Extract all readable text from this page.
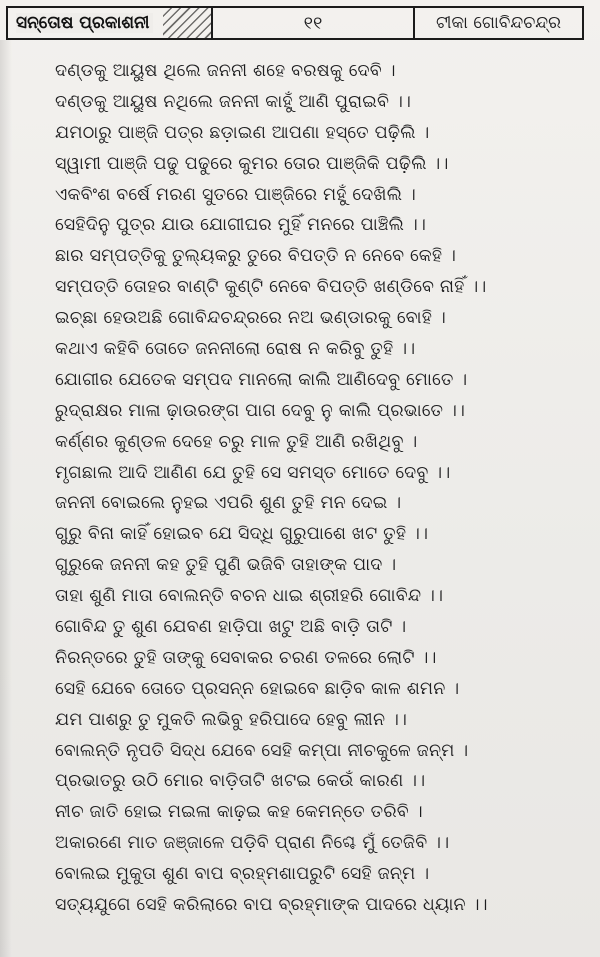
ସନ୍ତୋଷ ପ୍ରକାଶନୀ	୧୧	ଟୀକା ଗୋବିନ୍ଦଚନ୍ଦ୍ର
ଦଣ୍ଡକୁ ଆୟୁଷ ଥିଲେ ଜନନୀ ଶହେ ବରଷକୁ ଦେବି ।
ଦଣ୍ଡକୁ ଆୟୁଷ ନଥିଲେ ଜନନୀ କାହୁଁ ଆଣି ପୁରାଇବି ।।
ଯମଠାରୁ ପାଞ୍ଜି ପତ୍ର ଛଡ଼ାଇଣ ଆପଣା ହସ୍ତେ ପଢ଼ିଲି ।
ସ୍ୱାମୀ ପାଞ୍ଜି ପଢୁ ପଢୁରେ କୁମର ତୋର ପାଞ୍ଜିକି ପଢ଼ିଲି ।।
ଏକବିଂଶ ବର୍ଷେ ମରଣ ସୁତରେ ପାଞ୍ଜିରେ ମହୁଁ ଦେଖିଲି ।
ସେହିଦିନୁ ପୁତ୍ର ଯାଉ ଯୋଗୀଘର ମୁହିଁ ମନରେ ପାଞ୍ଚିଲି ।।
ଛାର ସମ୍ପତ୍ତିକୁ ତୁଲ୍ୟକରୁ ତୁରେ ବିପତ୍ତି ନ ନେବେ କେହି ।
ସମ୍ପତ୍ତି ତୋହର ବାଣ୍ଟି କୁଣ୍ଟି ନେବେ ବିପତ୍ତି ଖଣ୍ଡିବେ ନାହିଁ ।।
ଇଚ୍ଛା ହେଉଅଛି ଗୋବିନ୍ଦଚନ୍ଦ୍ରରେ ନଅ ଭଣ୍ଡାରକୁ ବୋହି ।
କଥାଏ କହିବି ତୋତେ ଜନନୀଲୋ ରୋଷ ନ କରିବୁ ତୁହି ।।
ଯୋଗୀର ଯେତେକ ସମ୍ପଦ ମାନଲୋ କାଲି ଆଣିଦେବୁ ମୋତେ ।
ରୁଦ୍ରାକ୍ଷର ମାଳା ଢ଼ାଉରଙ୍ଗ ପାଗ ଦେବୁ ନୁ କାଲି ପ୍ରଭାତେ ।।
କର୍ଣ୍ଣର କୁଣ୍ଡଳ ଦେହେ ଚରୁ ମାଳ ତୁହି ଆଣି ରଖିଥିବୁ ।
ମୃଗଛାଲ ଆଦି ଆଣିଣ ଯେ ତୁହି ସେ ସମସ୍ତ ମୋତେ ଦେବୁ ।।
ଜନନୀ ବୋଇଲେ ନୁହଇ ଏପରି ଶୁଣ ତୁହି ମନ ଦେଇ ।
ଗୁରୁ ବିନା କାହିଁ ହୋଇବ ଯେ ସିଦ୍ଧି ଗୁରୁପାଶେ ଖଟ ତୁହି ।।
ଗୁରୁକେ ଜନନୀ କହ ତୁହି ପୁଣି ଭଜିବି ତାହାଙ୍କ ପାଦ ।
ତାହା ଶୁଣି ମାତା ବୋଲନ୍ତି ବଚନ ଧାଇ ଶ୍ରୀହରି ଗୋବିନ୍ଦ ।।
ଗୋବିନ୍ଦ ତୁ ଶୁଣ ଯେବଣ ହାଡ଼ିପା ଖଟୁ ଅଛି ବାଡ଼ି ତାଟି ।
ନିରନ୍ତରେ ତୁହି ତାଙ୍କୁ ସେବାକର ଚରଣ ତଳରେ ଲୋଟି ।।
ସେହି ଯେବେ ତୋତେ ପ୍ରସନ୍ନ ହୋଇବେ ଛାଡ଼ିବ କାଳ ଶମନ ।
ଯମ ପାଶରୁ ତୁ ମୁକତି ଲଭିବୁ ହରିପାଦେ ହେବୁ ଲୀନ ।।
ବୋଲନ୍ତି ନୃପତି ସିଦ୍ଧ ଯେବେ ସେହି କମ୍ପା ନୀଚକୁଳେ ଜନ୍ମ ।
ପ୍ରଭାତରୁ ଉଠି ମୋର ବାଡ଼ିତାଟି ଖଟଇ କେଉଁ କାରଣ ।।
ନୀଚ ଜାତି ହୋଇ ମଇଳା କାଢ଼ଇ କହ କେମନ୍ତେ ତରିବି ।
ଅକାରଣେ ମାତ ଜଞ୍ଜାଳେ ପଡ଼ିବି ପ୍ରାଣ ନିଶ୍ଚେ ମୁଁ ତେଜିବି ।।
ବୋଲଇ ମୁକୁତା ଶୁଣ ବାପ ବ୍ରହ୍ମଶାପରୁଟି ସେହି ଜନ୍ମ ।
ସତ୍ୟଯୁଗେ ସେହି କରିଲାରେ ବାପ ବ୍ରହ୍ମାଙ୍କ ପାଦରେ ଧ୍ୟାନ ।।
